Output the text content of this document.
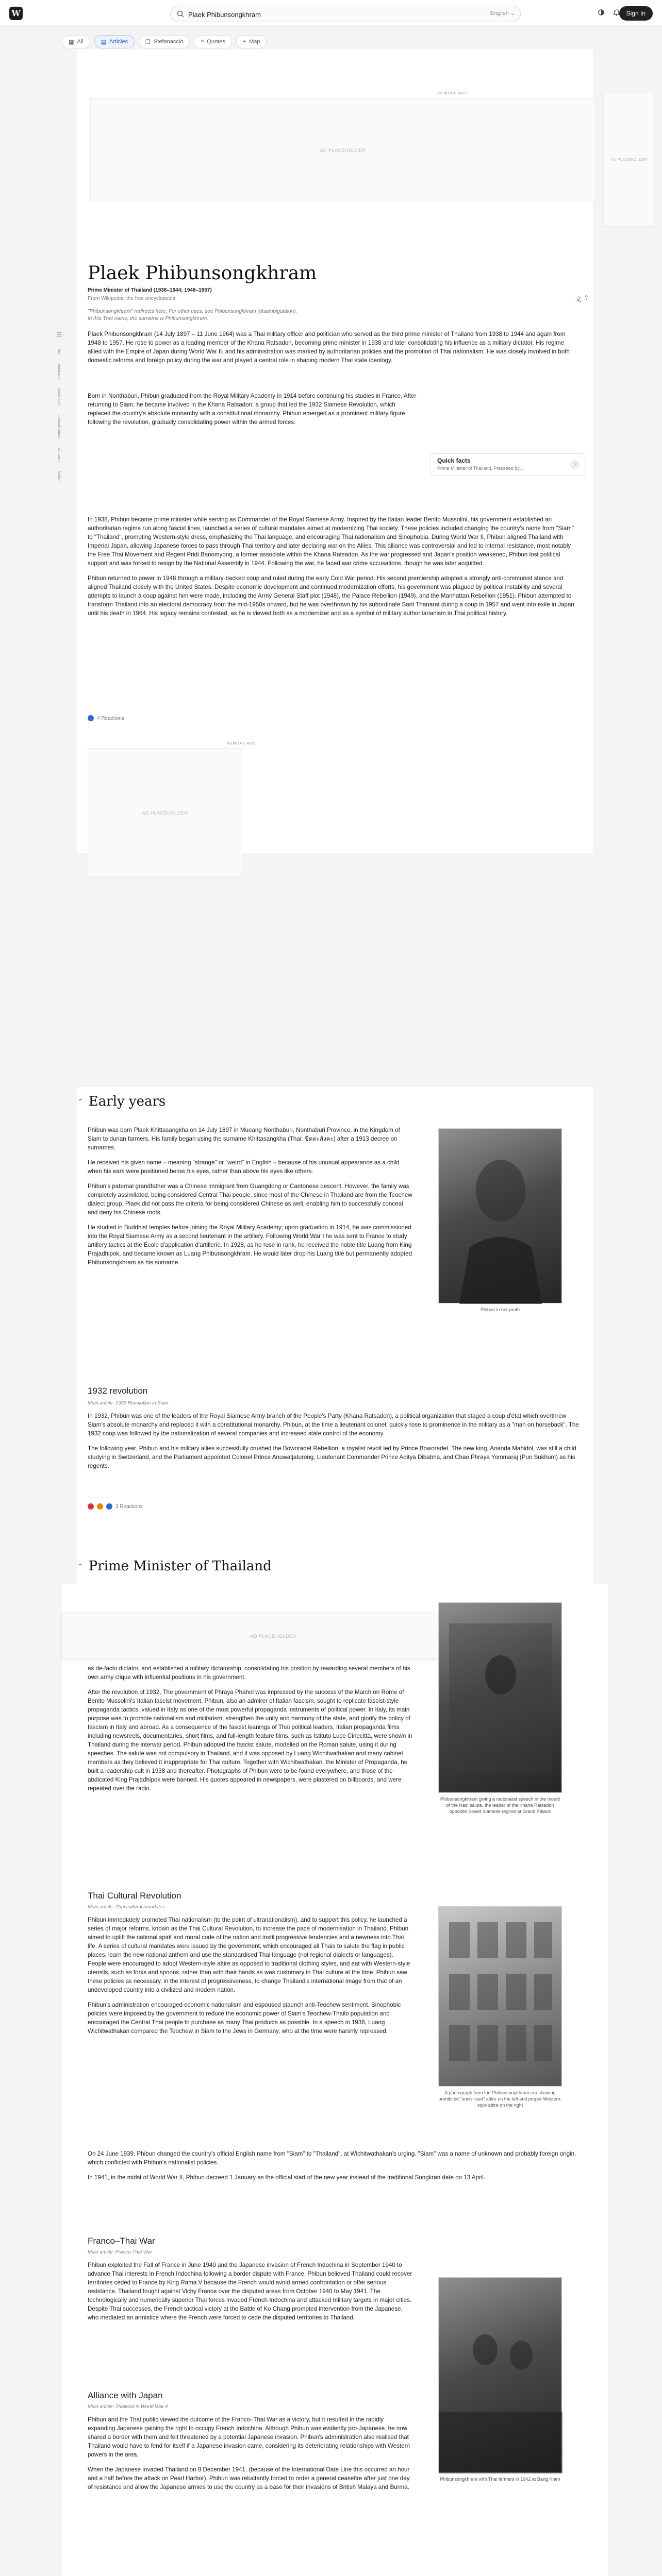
W
Plaek Phibunsongkhram	English ⌄	Sign In
▦ All	▤ Articles	❐ Stefanaccio	❝ Quotes	⌖ Map
REMOVE ADS
AD PLACEHOLDER
AD PLACEHOLDER
Plaek Phibunsongkhram
Prime Minister of Thailand (1938–1944; 1948–1957)
From Wikipedia, the free encyclopedia	文 ⇪
☰
Top
Contents
Early years
Prime Minister
Later life
Legacy
"Phibunsongkhram" redirects here. For other uses, see Phibunsongkhram (disambiguation).
In this Thai name, the surname is Phibunsongkhram.

Plaek Phibunsongkhram (14 July 1897 – 11 June 1964) was a Thai military officer and politician who served as the third prime minister of Thailand from 1938 to 1944 and again from 1948 to 1957. He rose to power as a leading member of the Khana Ratsadon, becoming prime minister in 1938 and later consolidating his influence as a military dictator. His regime allied with the Empire of Japan during World War II, and his administration was marked by authoritarian policies and the promotion of Thai nationalism. He was closely involved in both domestic reforms and foreign policy during the war and played a central role in shaping modern Thai state ideology.

Born in Nonthaburi, Phibun graduated from the Royal Military Academy in 1914 before continuing his studies in France. After returning to Siam, he became involved in the Khana Ratsadon, a group that led the 1932 Siamese Revolution, which replaced the country's absolute monarchy with a constitutional monarchy. Phibun emerged as a prominent military figure following the revolution, gradually consolidating power within the armed forces.

Quick facts
Prime Minister of Thailand, Preceded by ...
›

In 1938, Phibun became prime minister while serving as Commander of the Royal Siamese Army. Inspired by the Italian leader Benito Mussolini, his government established an authoritarian regime run along fascist lines, launched a series of cultural mandates aimed at modernizing Thai society. These policies included changing the country's name from "Siam" to "Thailand", promoting Western-style dress, emphasizing the Thai language, and encouraging Thai nationalism and Sinophobia. During World War II, Phibun aligned Thailand with Imperial Japan, allowing Japanese forces to pass through Thai territory and later declaring war on the Allies. This alliance was controversial and led to internal resistance, most notably the Free Thai Movement and Regent Pridi Banomyong, a former associate within the Khana Ratsadon. As the war progressed and Japan's position weakened, Phibun lost political support and was forced to resign by the National Assembly in 1944. Following the war, he faced war crime accusations, though he was later acquitted.

Phibun returned to power in 1948 through a military-backed coup and ruled during the early Cold War period. His second premiership adopted a strongly anti-communist stance and aligned Thailand closely with the United States. Despite economic development and continued modernization efforts, his government was plagued by political instability and several attempts to launch a coup against him were made, including the Army General Staff plot (1948), the Palace Rebellion (1949), and the Manhattan Rebellion (1951). Phibun attempted to transform Thailand into an electoral democracy from the mid-1950s onward, but he was overthrown by his subordinate Sarit Thanarat during a coup in 1957 and went into exile in Japan until his death in 1964. His legacy remains contested, as he is viewed both as a modernizer and as a symbol of military authoritarianism in Thai political history.

4 Reactions
REMOVE ADS
AD PLACEHOLDER
⌃ Early years

Phibun was born Plaek Khittasangkha on 14 July 1897 in Mueang Nonthaburi, Nonthaburi Province, in the Kingdom of Siam to durian farmers. His family began using the surname Khittasangkha (Thai: ขีตตะสังคะ) after a 1913 decree on surnames.

He received his given name – meaning "strange" or "weird" in English – because of his unusual appearance as a child when his ears were positioned below his eyes, rather than above his eyes like others.

Phibun's paternal grandfather was a Chinese immigrant from Guangdong or Cantonese descent. However, the family was completely assimilated, being considered Central Thai people, since most of the Chinese in Thailand are from the Teochew dialect group. Plaek did not pass the criteria for being considered Chinese as well, enabling him to successfully conceal and deny his Chinese roots.

He studied in Buddhist temples before joining the Royal Military Academy; upon graduation in 1914, he was commissioned into the Royal Siamese Army as a second lieutenant in the artillery. Following World War I he was sent to France to study artillery tactics at the École d'application d'artillerie. In 1928, as he rose in rank, he received the noble title Luang from King Prajadhipok, and became known as Luang Phibunsongkhram. He would later drop his Luang title but permanently adopted Phibunsongkhram as his surname.

Phibun in his youth
1932 revolution
Main article: 1932 Revolution in Siam

In 1932, Phibun was one of the leaders of the Royal Siamese Army branch of the People's Party (Khana Ratsadon), a political organization that staged a coup d'état which overthrew Siam's absolute monarchy and replaced it with a constitutional monarchy. Phibun, at the time a lieutenant colonel, quickly rose to prominence in the military as a "man on horseback". The 1932 coup was followed by the nationalization of several companies and increased state control of the economy.

The following year, Phibun and his military allies successfully crushed the Boworadet Rebellion, a royalist revolt led by Prince Boworadet. The new king, Ananda Mahidol, was still a child studying in Switzerland, and the Parliament appointed Colonel Prince Anuwatjaturong, Lieutenant Commander Prince Aditya Dibabha, and Chao Phraya Yommaraj (Pun Sukhum) as his regents.

3 Reactions
⌃ Prime Minister of Thailand
AD PLACEHOLDER

as de-facto dictator, and established a military dictatorship, consolidating his position by rewarding several members of his own army clique with influential positions in his government.

After the revolution of 1932, The government of Phraya Phahol was impressed by the success of the March on Rome of Benito Mussolini's Italian fascist movement. Phibun, also an admirer of Italian fascism, sought to replicate fascist-style propaganda tactics, valued in Italy as one of the most powerful propaganda instruments of political power. In Italy, its main purpose was to promote nationalism and militarism, strengthen the unity and harmony of the state, and glorify the policy of fascism in Italy and abroad. As a consequence of the fascist leanings of Thai political leaders, Italian propaganda films including newsreels, documentaries, short films, and full-length feature films, such as Istituto Luce Cinecittà, were shown in Thailand during the interwar period. Phibun adopted the fascist salute, modelled on the Roman salute, using it during speeches. The salute was not compulsory in Thailand, and it was opposed by Luang Wichitwathakan and many cabinet members as they believed it inappropriate for Thai culture. Together with Wichitwathakan, the Minister of Propaganda, he built a leadership cult in 1938 and thereafter. Photographs of Phibun were to be found everywhere, and those of the abdicated King Prajadhipok were banned. His quotes appeared in newspapers, were plastered on billboards, and were repeated over the radio.

Phibunsongkhram giving a nationalist speech in the mould of the Nazi salute, the leader of the Khana Ratsadon opposite Soviet Siamese regime at Grand Palace
Thai Cultural Revolution
Main article: Thai cultural mandates

Phibun immediately promoted Thai nationalism (to the point of ultranationalism), and to support this policy, he launched a series of major reforms, known as the Thai Cultural Revolution, to increase the pace of modernisation in Thailand. Phibun aimed to uplift the national spirit and moral code of the nation and instil progressive tendencies and a newness into Thai life. A series of cultural mandates were issued by the government, which encouraged all Thais to salute the flag in public places, learn the new national anthem and use the standardised Thai language (not regional dialects or languages). People were encouraged to adopt Western-style attire as opposed to traditional clothing styles, and eat with Western-style utensils, such as forks and spoons, rather than with their hands as was customary in Thai culture at the time. Phibun saw these policies as necessary, in the interest of progressiveness, to change Thailand's international image from that of an undeveloped country into a civilized and modern nation.

Phibun's administration encouraged economic nationalism and espoused staunch anti-Teochew sentiment. Sinophobic policies were imposed by the government to reduce the economic power of Siam's Teochew-Thailo population and encouraged the Central Thai people to purchase as many Thai products as possible. In a speech in 1938, Luang Wichitwathakan compared the Teochew in Siam to the Jews in Germany, who at the time were harshly repressed.

On 24 June 1939, Phibun changed the country's official English name from "Siam" to "Thailand", at Wichitwathakan's urging. "Siam" was a name of unknown and probably foreign origin, which conflicted with Phibun's nationalist policies.

In 1941, in the midst of World War II, Phibun decreed 1 January as the official start of the new year instead of the traditional Songkran date on 13 April.

A photograph from the Phibunsongkhram era showing prohibited "uncivilised" attire on the left and proper Western-style attire on the right
Franco–Thai War
Main article: Franco-Thai War

Phibun exploited the Fall of France in June 1940 and the Japanese invasion of French Indochina in September 1940 to advance Thai interests in French Indochina following a border dispute with France. Phibun believed Thailand could recover territories ceded to France by King Rama V because the French would avoid armed confrontation or offer serious resistance. Thailand fought against Vichy France over the disputed areas from October 1940 to May 1941. The technologically and numerically superior Thai forces invaded French Indochina and attacked military targets in major cities. Despite Thai successes, the French tactical victory at the Battle of Ko Chang prompted intervention from the Japanese, who mediated an armistice where the French were forced to cede the disputed territories to Thailand.

Phibunsongkhram with Thai farmers in 1942 at Bang Khen
Alliance with Japan
Main article: Thailand in World War II

Phibun and the Thai public viewed the outcome of the Franco–Thai War as a victory, but it resulted in the rapidly expanding Japanese gaining the right to occupy French Indochina. Although Phibun was evidently pro-Japanese, he now shared a border with them and felt threatened by a potential Japanese invasion. Phibun's administration also realised that Thailand would have to fend for itself if a Japanese invasion came, considering its deteriorating relationships with Western powers in the area.

When the Japanese invaded Thailand on 8 December 1941, (because of the International Date Line this occurred an hour and a half before the attack on Pearl Harbor), Phibun was reluctantly forced to order a general ceasefire after just one day of resistance and allow the Japanese armies to use the country as a base for their invasions of British Malaya and Burma.
